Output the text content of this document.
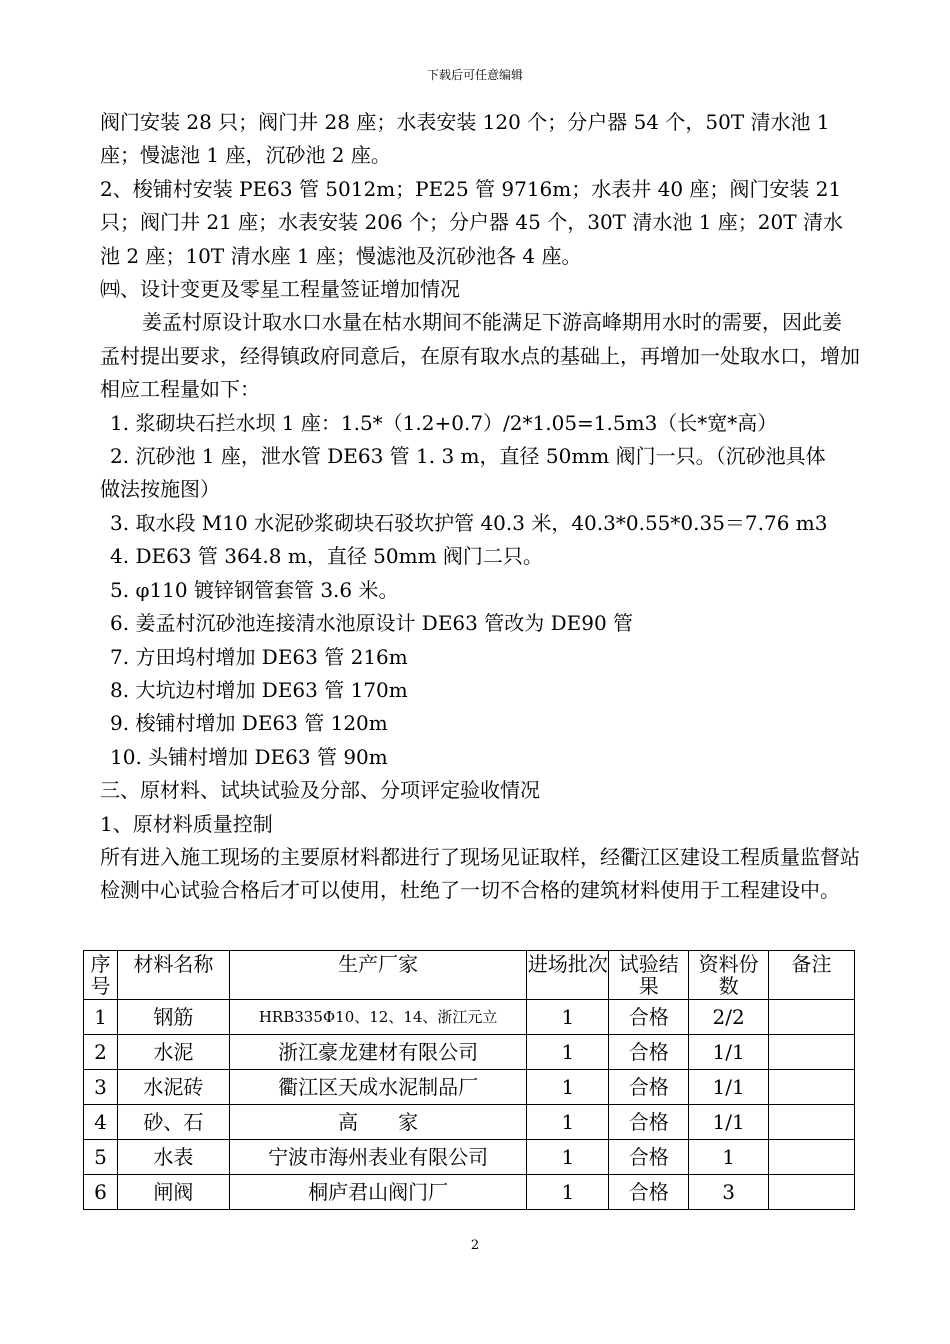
下载后可任意编辑

阀门安装 28 只；阀门井 28 座；水表安装 120 个；分户器 54 个，50T 清水池 1 座；慢滤池 1 座，沉砂池 2 座。

2、梭铺村安装 PE63 管 5012m；PE25 管 9716m；水表井 40 座；阀门安装 21 只；阀门井 21 座；水表安装 206 个；分户器 45 个，30T 清水池 1 座；20T 清水池 2 座；10T 清水座 1 座；慢滤池及沉砂池各 4 座。

㈣、设计变更及零星工程量签证增加情况

姜孟村原设计取水口水量在枯水期间不能满足下游高峰期用水时的需要，因此姜孟村提出要求，经得镇政府同意后，在原有取水点的基础上，再增加一处取水口，增加相应工程量如下：

1. 浆砌块石拦水坝 1 座：1.5*（1.2+0.7）/2*1.05=1.5m3（长*宽*高）

2. 沉砂池 1 座，泄水管 DE63 管 1. 3 m，直径 50mm 阀门一只。（沉砂池具体

做法按施图）

3. 取水段 M10 水泥砂浆砌块石驳坎护管 40.3 米，40.3*0.55*0.35＝7.76 m3

4. DE63 管 364.8 m，直径 50mm 阀门二只。

5. φ110 镀锌钢管套管 3.6 米。

6. 姜孟村沉砂池连接清水池原设计 DE63 管改为 DE90 管

7. 方田坞村增加 DE63 管 216m

8. 大坑边村增加 DE63 管 170m

9. 梭铺村增加 DE63 管 120m

10. 头铺村增加 DE63 管 90m

三、原材料、试块试验及分部、分项评定验收情况

1、原材料质量控制

所有进入施工现场的主要原材料都进行了现场见证取样，经衢江区建设工程质量监督站检测中心试验合格后才可以使用，杜绝了一切不合格的建筑材料使用于工程建设中。

序号	材料名称	生产厂家	进场批次	试验结果	资料份数	备注
1	钢筋	HRB335Φ10、12、14、浙江元立	1	合格	2/2	
2	水泥	浙江豪龙建材有限公司	1	合格	1/1	
3	水泥砖	衢江区天成水泥制品厂	1	合格	1/1	
4	砂、石	高　　家	1	合格	1/1	
5	水表	宁波市海州表业有限公司	1	合格	1	
6	闸阀	桐庐君山阀门厂	1	合格	3	
2
